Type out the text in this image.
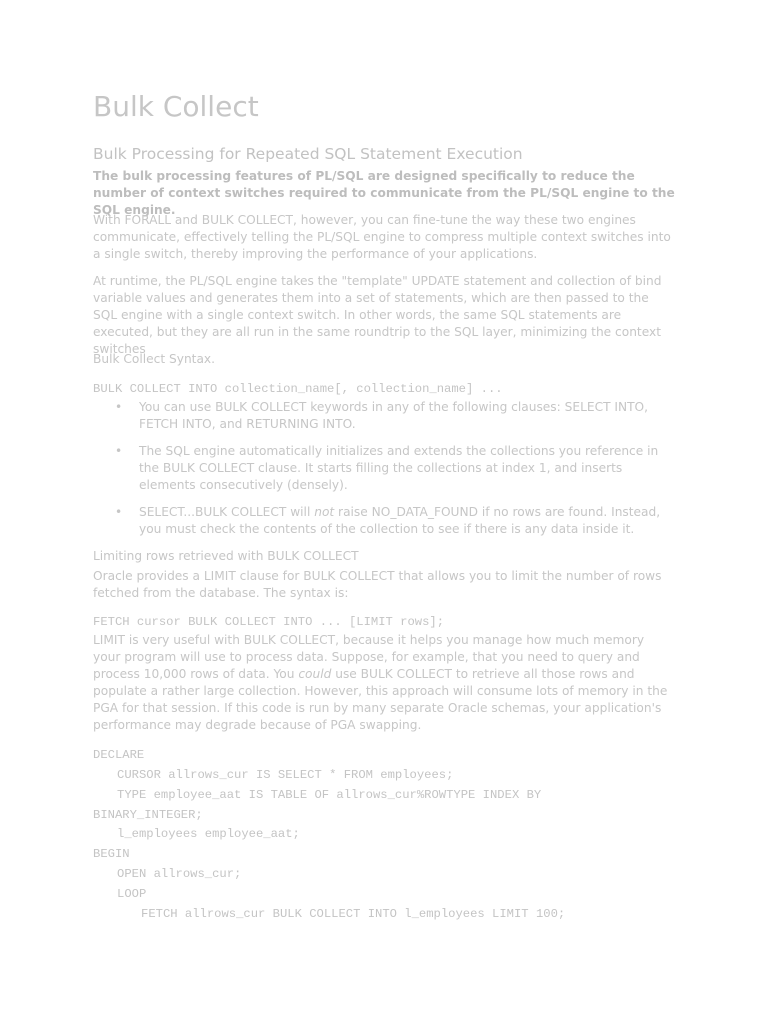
Bulk Collect
Bulk Processing for Repeated SQL Statement Execution
The bulk processing features of PL/SQL are designed specifically to reduce the number of context switches required to communicate from the PL/SQL engine to the SQL engine.
With FORALL and BULK COLLECT, however, you can fine-tune the way these two engines communicate, effectively telling the PL/SQL engine to compress multiple context switches into a single switch, thereby improving the performance of your applications.
At runtime, the PL/SQL engine takes the "template" UPDATE statement and collection of bind variable values and generates them into a set of statements, which are then passed to the SQL engine with a single context switch. In other words, the same SQL statements are executed, but they are all run in the same roundtrip to the SQL layer, minimizing the context switches
Bulk Collect Syntax.
BULK COLLECT INTO collection_name[, collection_name] ...
• You can use BULK COLLECT keywords in any of the following clauses: SELECT INTO, FETCH INTO, and RETURNING INTO.
• The SQL engine automatically initializes and extends the collections you reference in the BULK COLLECT clause. It starts filling the collections at index 1, and inserts elements consecutively (densely).
• SELECT...BULK COLLECT will not raise NO_DATA_FOUND if no rows are found. Instead, you must check the contents of the collection to see if there is any data inside it.
Limiting rows retrieved with BULK COLLECT
Oracle provides a LIMIT clause for BULK COLLECT that allows you to limit the number of rows fetched from the database. The syntax is:
FETCH cursor BULK COLLECT INTO ... [LIMIT rows];
LIMIT is very useful with BULK COLLECT, because it helps you manage how much memory your program will use to process data. Suppose, for example, that you need to query and process 10,000 rows of data. You could use BULK COLLECT to retrieve all those rows and populate a rather large collection. However, this approach will consume lots of memory in the PGA for that session. If this code is run by many separate Oracle schemas, your application's performance may degrade because of PGA swapping.
DECLARE
CURSOR allrows_cur IS SELECT * FROM employees;
TYPE employee_aat IS TABLE OF allrows_cur%ROWTYPE INDEX BY
BINARY_INTEGER;
l_employees employee_aat;
BEGIN
OPEN allrows_cur;
LOOP
FETCH allrows_cur BULK COLLECT INTO l_employees LIMIT 100;
